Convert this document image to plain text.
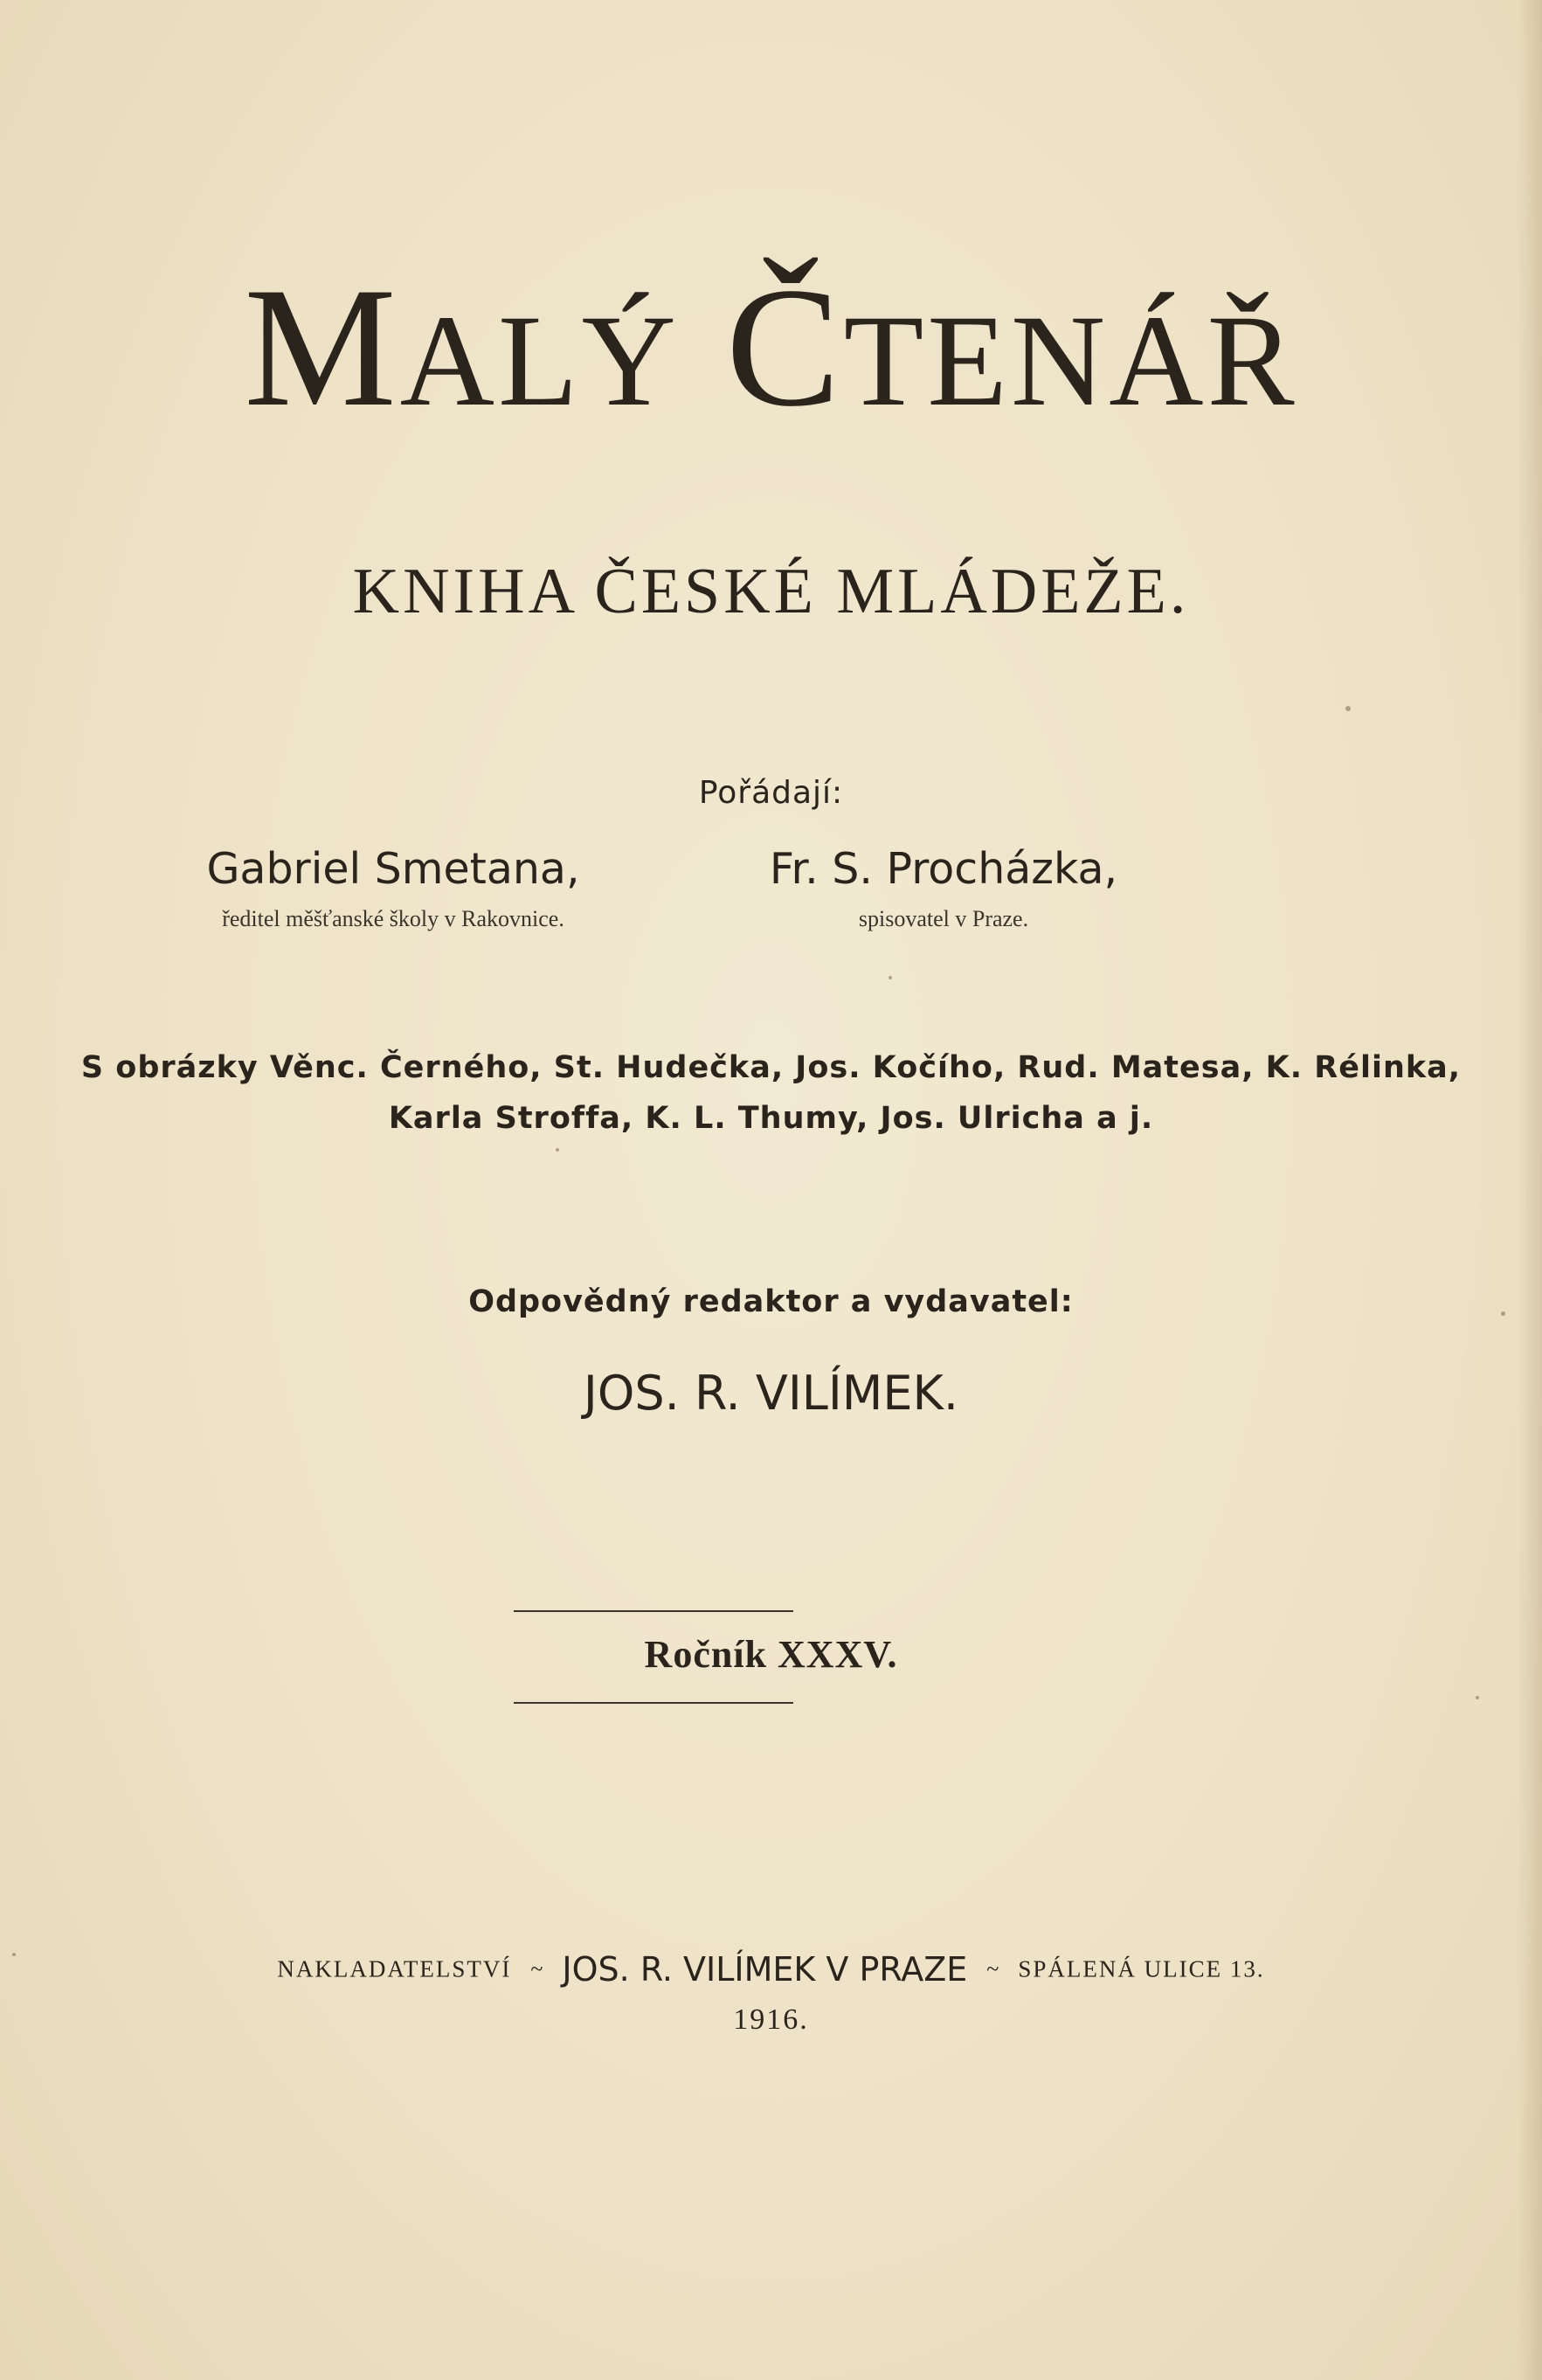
MALÝ ČTENÁŘ
KNIHA ČESKÉ MLÁDEŽE.
Pořádají:
Gabriel Smetana,
ředitel měšťanské školy v Rakovnice.
Fr. S. Procházka,
spisovatel v Praze.
S obrázky Věnc. Černého, St. Hudečka, Jos. Kočího, Rud. Matesa, K. Rélinka,
Karla Stroffa, K. L. Thumy, Jos. Ulricha a j.
Odpovědný redaktor a vydavatel:
JOS. R. VILÍMEK.
Ročník XXXV.
NAKLADATELSTVÍ ~ JOS. R. VILÍMEK V PRAZE ~ SPÁLENÁ ULICE 13.
1916.
